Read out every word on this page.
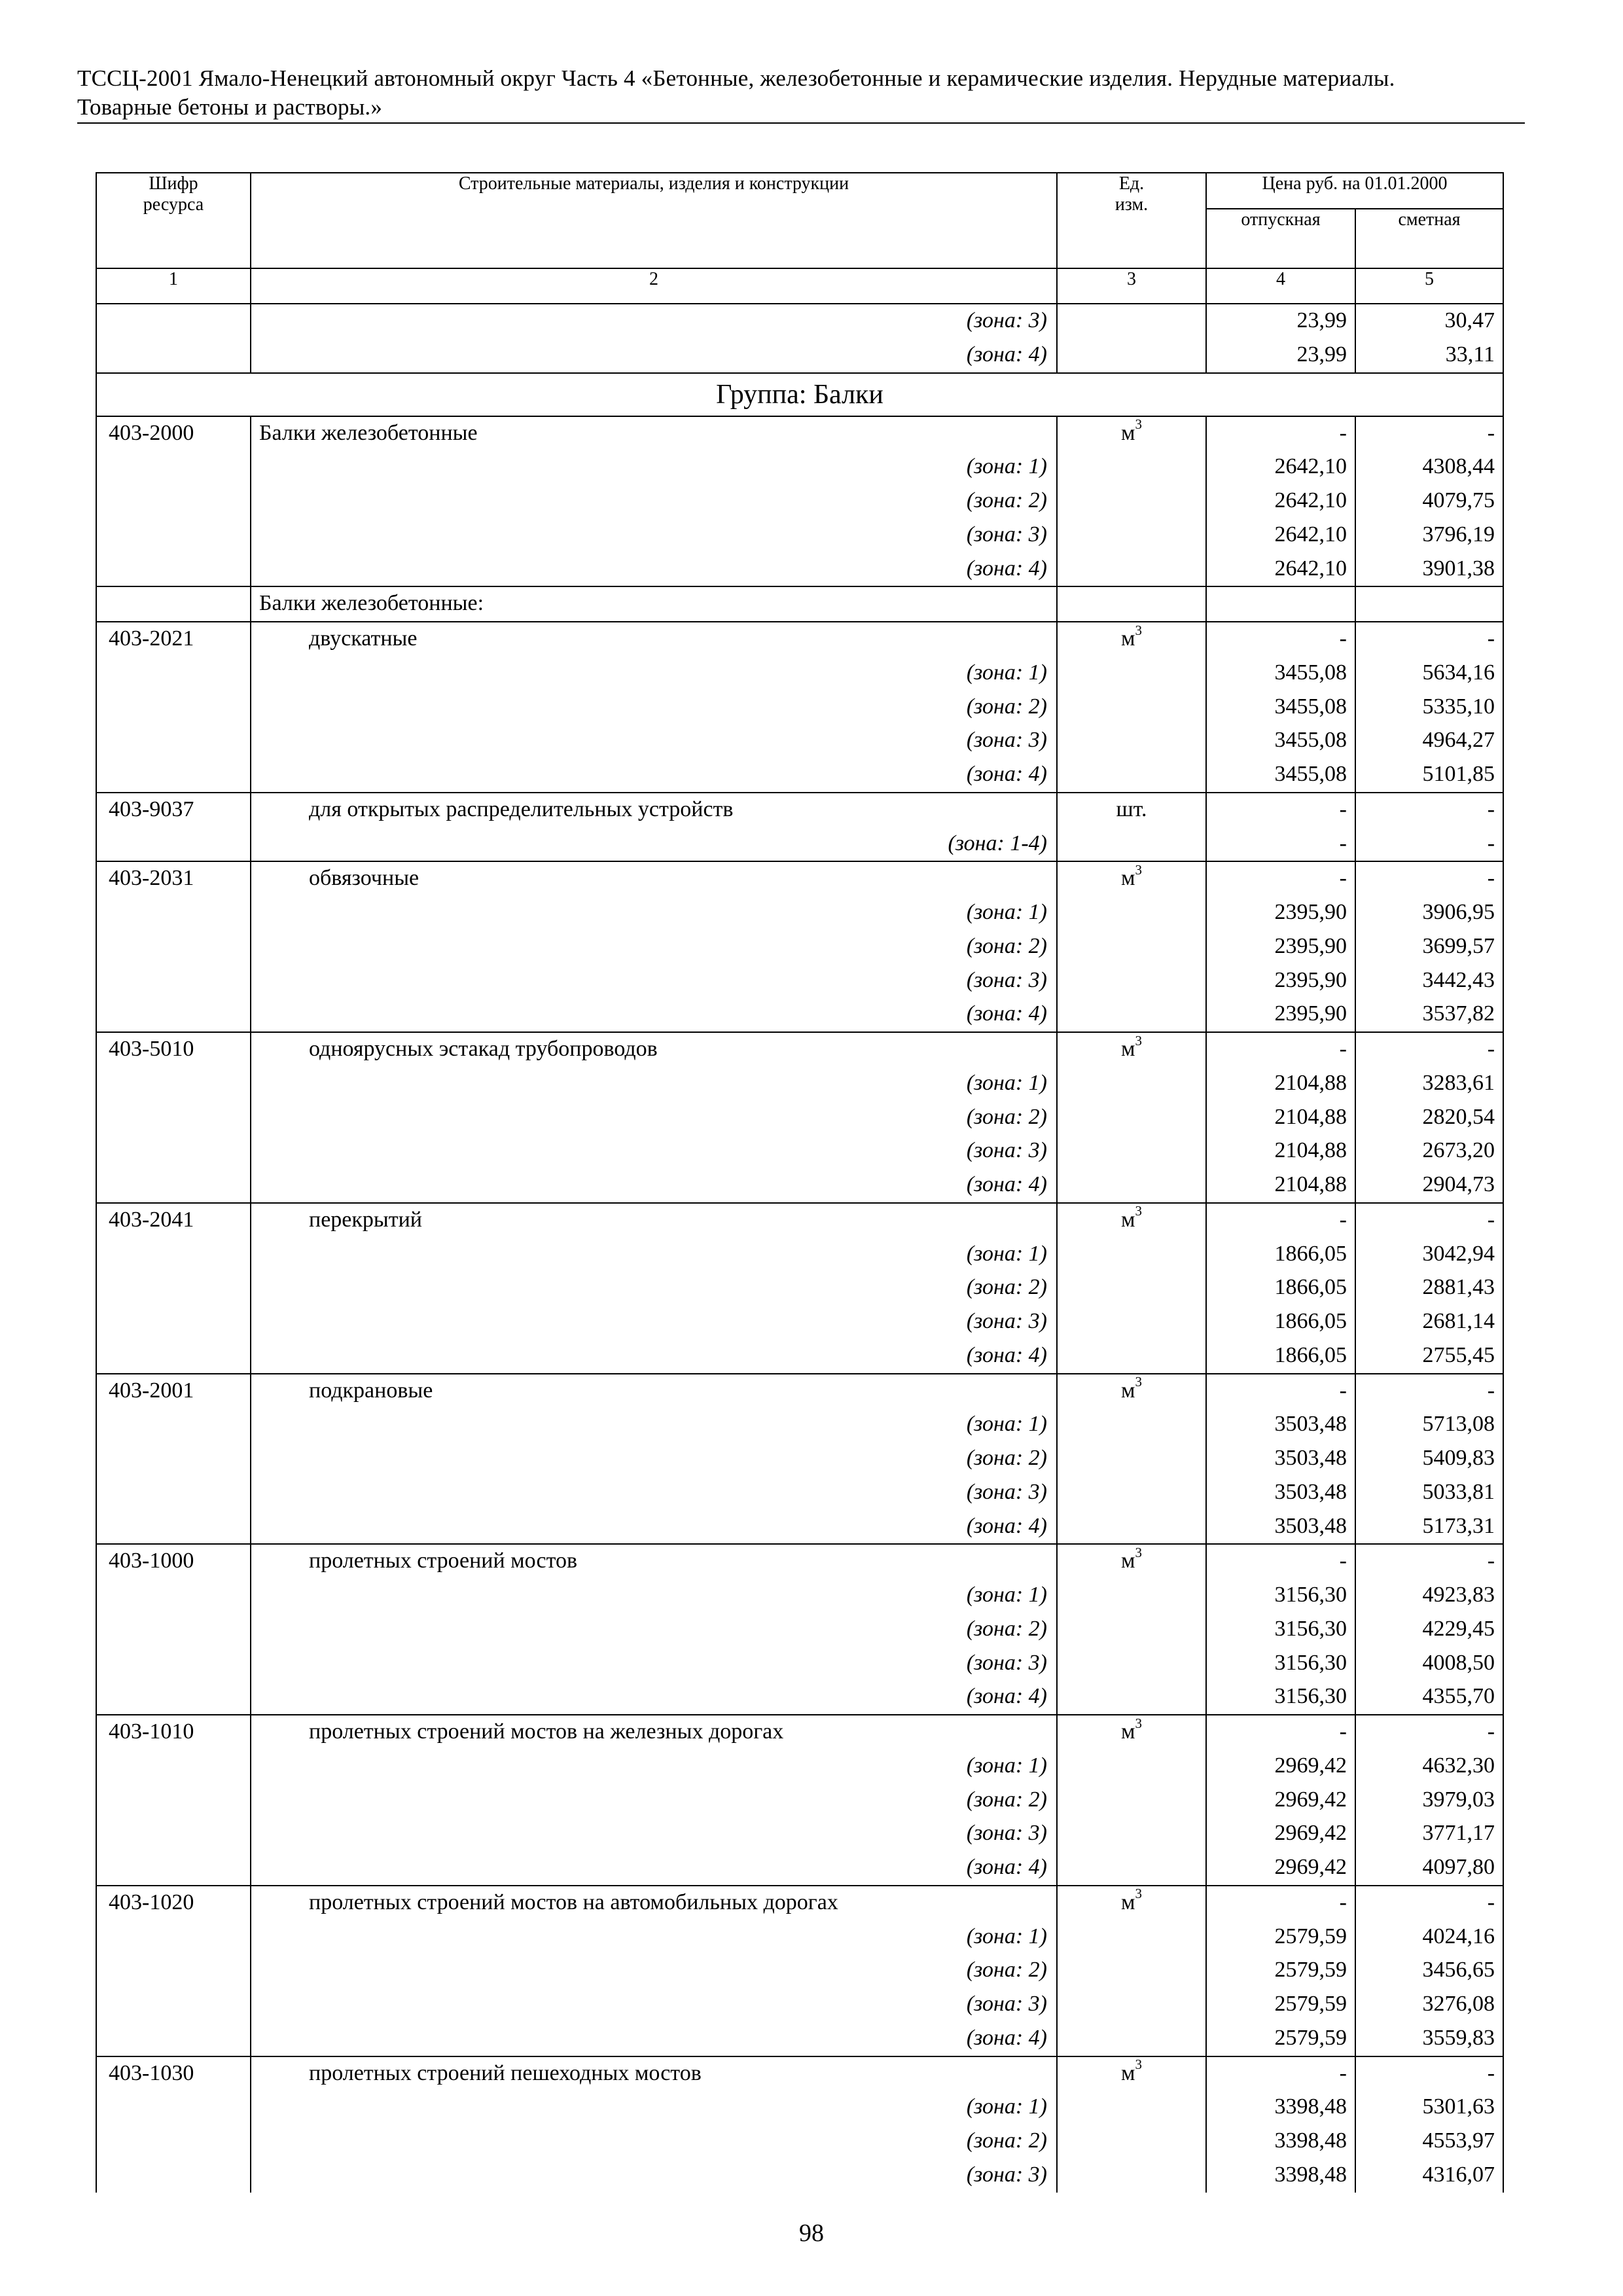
ТССЦ-2001 Ямало-Ненецкий автономный округ Часть 4 «Бетонные, железобетонные и керамические изделия. Нерудные материалы.
Товарные бетоны и растворы.»
Шифр ресурса	Строительные материалы, изделия и конструкции	Ед. изм.	Цена руб. на 01.01.2000	
			отпускная	сметная
1	2	3	4	5
	(зона: 3)		23,99	30,47
	(зона: 4)		23,99	33,11
Группа: Балки				
403-2000	Балки железобетонные	$м^3$	-	-
	(зона: 1)		2642,10	4308,44
	(зона: 2)		2642,10	4079,75
	(зона: 3)		2642,10	3796,19
	(зона: 4)		2642,10	3901,38
	Балки железобетонные:			
403-2021	двускатные	$м^3$	-	-
	(зона: 1)		3455,08	5634,16
	(зона: 2)		3455,08	5335,10
	(зона: 3)		3455,08	4964,27
	(зона: 4)		3455,08	5101,85
403-9037	для открытых распределительных устройств	шт.	-	-
	(зона: 1-4)		-	-
403-2031	обвязочные	$м^3$	-	-
	(зона: 1)		2395,90	3906,95
	(зона: 2)		2395,90	3699,57
	(зона: 3)		2395,90	3442,43
	(зона: 4)		2395,90	3537,82
403-5010	одноярусных эстакад трубопроводов	$м^3$	-	-
	(зона: 1)		2104,88	3283,61
	(зона: 2)		2104,88	2820,54
	(зона: 3)		2104,88	2673,20
	(зона: 4)		2104,88	2904,73
403-2041	перекрытий	$м^3$	-	-
	(зона: 1)		1866,05	3042,94
	(зона: 2)		1866,05	2881,43
	(зона: 3)		1866,05	2681,14
	(зона: 4)		1866,05	2755,45
403-2001	подкрановые	$м^3$	-	-
	(зона: 1)		3503,48	5713,08
	(зона: 2)		3503,48	5409,83
	(зона: 3)		3503,48	5033,81
	(зона: 4)		3503,48	5173,31
403-1000	пролетных строений мостов	$м^3$	-	-
	(зона: 1)		3156,30	4923,83
	(зона: 2)		3156,30	4229,45
	(зона: 3)		3156,30	4008,50
	(зона: 4)		3156,30	4355,70
403-1010	пролетных строений мостов на железных дорогах	$м^3$	-	-
	(зона: 1)		2969,42	4632,30
	(зона: 2)		2969,42	3979,03
	(зона: 3)		2969,42	3771,17
	(зона: 4)		2969,42	4097,80
403-1020	пролетных строений мостов на автомобильных дорогах	$м^3$	-	-
	(зона: 1)		2579,59	4024,16
	(зона: 2)		2579,59	3456,65
	(зона: 3)		2579,59	3276,08
	(зона: 4)		2579,59	3559,83
403-1030	пролетных строений пешеходных мостов	$м^3$	-	-
	(зона: 1)		3398,48	5301,63
	(зона: 2)		3398,48	4553,97
	(зона: 3)		3398,48	4316,07
98
